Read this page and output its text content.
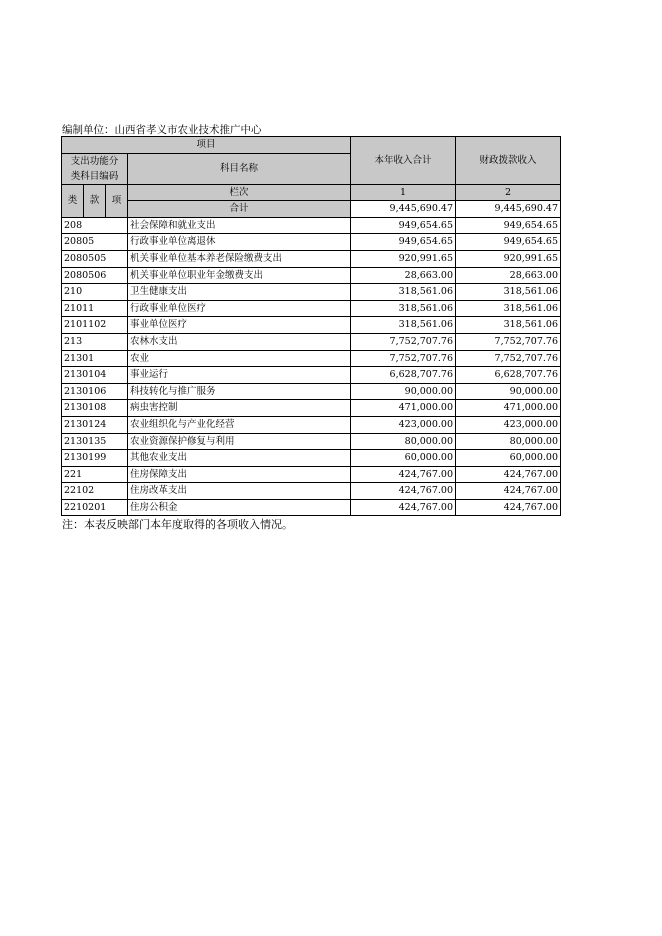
编制单位：山西省孝义市农业技术推广中心
项目				本年收入合计	财政拨款收入

支出功能分
类科目编码			科目名称		

类	款	项	栏次	1	2
			合计	9,445,690.47	9,445,690.47
208			社会保障和就业支出	949,654.65	949,654.65
20805			行政事业单位离退休	949,654.65	949,654.65
2080505			机关事业单位基本养老保险缴费支出	920,991.65	920,991.65
2080506			机关事业单位职业年金缴费支出	28,663.00	28,663.00
210			卫生健康支出	318,561.06	318,561.06
21011			行政事业单位医疗	318,561.06	318,561.06
2101102			事业单位医疗	318,561.06	318,561.06
213			农林水支出	7,752,707.76	7,752,707.76
21301			农业	7,752,707.76	7,752,707.76
2130104			事业运行	6,628,707.76	6,628,707.76
2130106			科技转化与推广服务	90,000.00	90,000.00
2130108			病虫害控制	471,000.00	471,000.00
2130124			农业组织化与产业化经营	423,000.00	423,000.00
2130135			农业资源保护修复与利用	80,000.00	80,000.00
2130199			其他农业支出	60,000.00	60,000.00
221			住房保障支出	424,767.00	424,767.00
22102			住房改革支出	424,767.00	424,767.00
2210201			住房公积金	424,767.00	424,767.00
注：本表反映部门本年度取得的各项收入情况。
